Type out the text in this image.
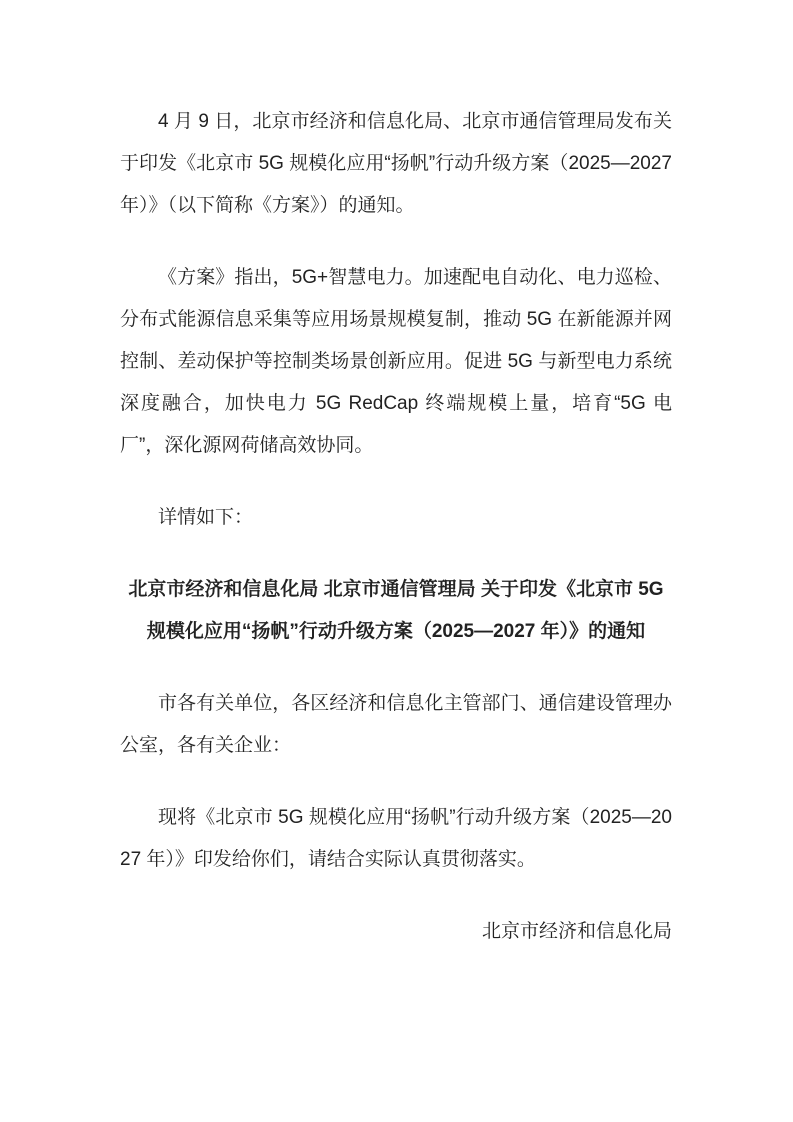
4 月 9 日，北京市经济和信息化局、北京市通信管理局发布关于印发《北京市 5G 规模化应用“扬帆”行动升级方案（2025—2027 年）》（以下简称《方案》）的通知。

《方案》指出，5G+智慧电力。加速配电自动化、电力巡检、分布式能源信息采集等应用场景规模复制，推动 5G 在新能源并网控制、差动保护等控制类场景创新应用。促进 5G 与新型电力系统深度融合，加快电力 5G RedCap 终端规模上量，培育“5G 电厂”，深化源网荷储高效协同。

详情如下：

北京市经济和信息化局 北京市通信管理局 关于印发《北京市 5G 规模化应用“扬帆”行动升级方案（2025—2027 年）》的通知

市各有关单位，各区经济和信息化主管部门、通信建设管理办公室，各有关企业：

现将《北京市 5G 规模化应用“扬帆”行动升级方案（2025—2027 年）》印发给你们，请结合实际认真贯彻落实。

北京市经济和信息化局
